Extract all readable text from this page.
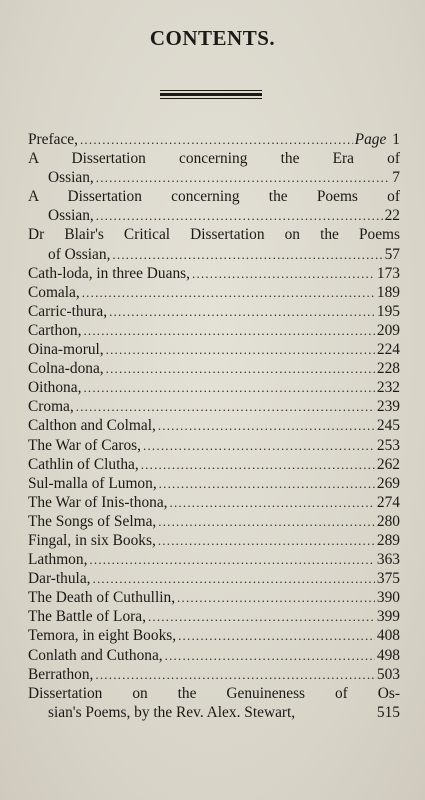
CONTENTS.
Preface, .....	Page 1
A Dissertation concerning the Era of
Ossian, .....	7
A Dissertation concerning the Poems of
Ossian, .....	22
Dr Blair's Critical Dissertation on the Poems
of Ossian, .....	57
Cath-loda, in three Duans, .....	173
Comala, .....	189
Carric-thura, .....	195
Carthon, .....	209
Oina-morul, .....	224
Colna-dona, .....	228
Oithona, .....	232
Croma, .....	239
Calthon and Colmal, .....	245
The War of Caros, .....	253
Cathlin of Clutha, .....	262
Sul-malla of Lumon, .....	269
The War of Inis-thona, .....	274
The Songs of Selma, .....	280
Fingal, in six Books, .....	289
Lathmon, .....	363
Dar-thula, .....	375
The Death of Cuthullin, .....	390
The Battle of Lora, .....	399
Temora, in eight Books, .....	408
Conlath and Cuthona, .....	498
Berrathon, .....	503
Dissertation on the Genuineness of Os-
sian's Poems, by the Rev. Alex. Stewart,	515
